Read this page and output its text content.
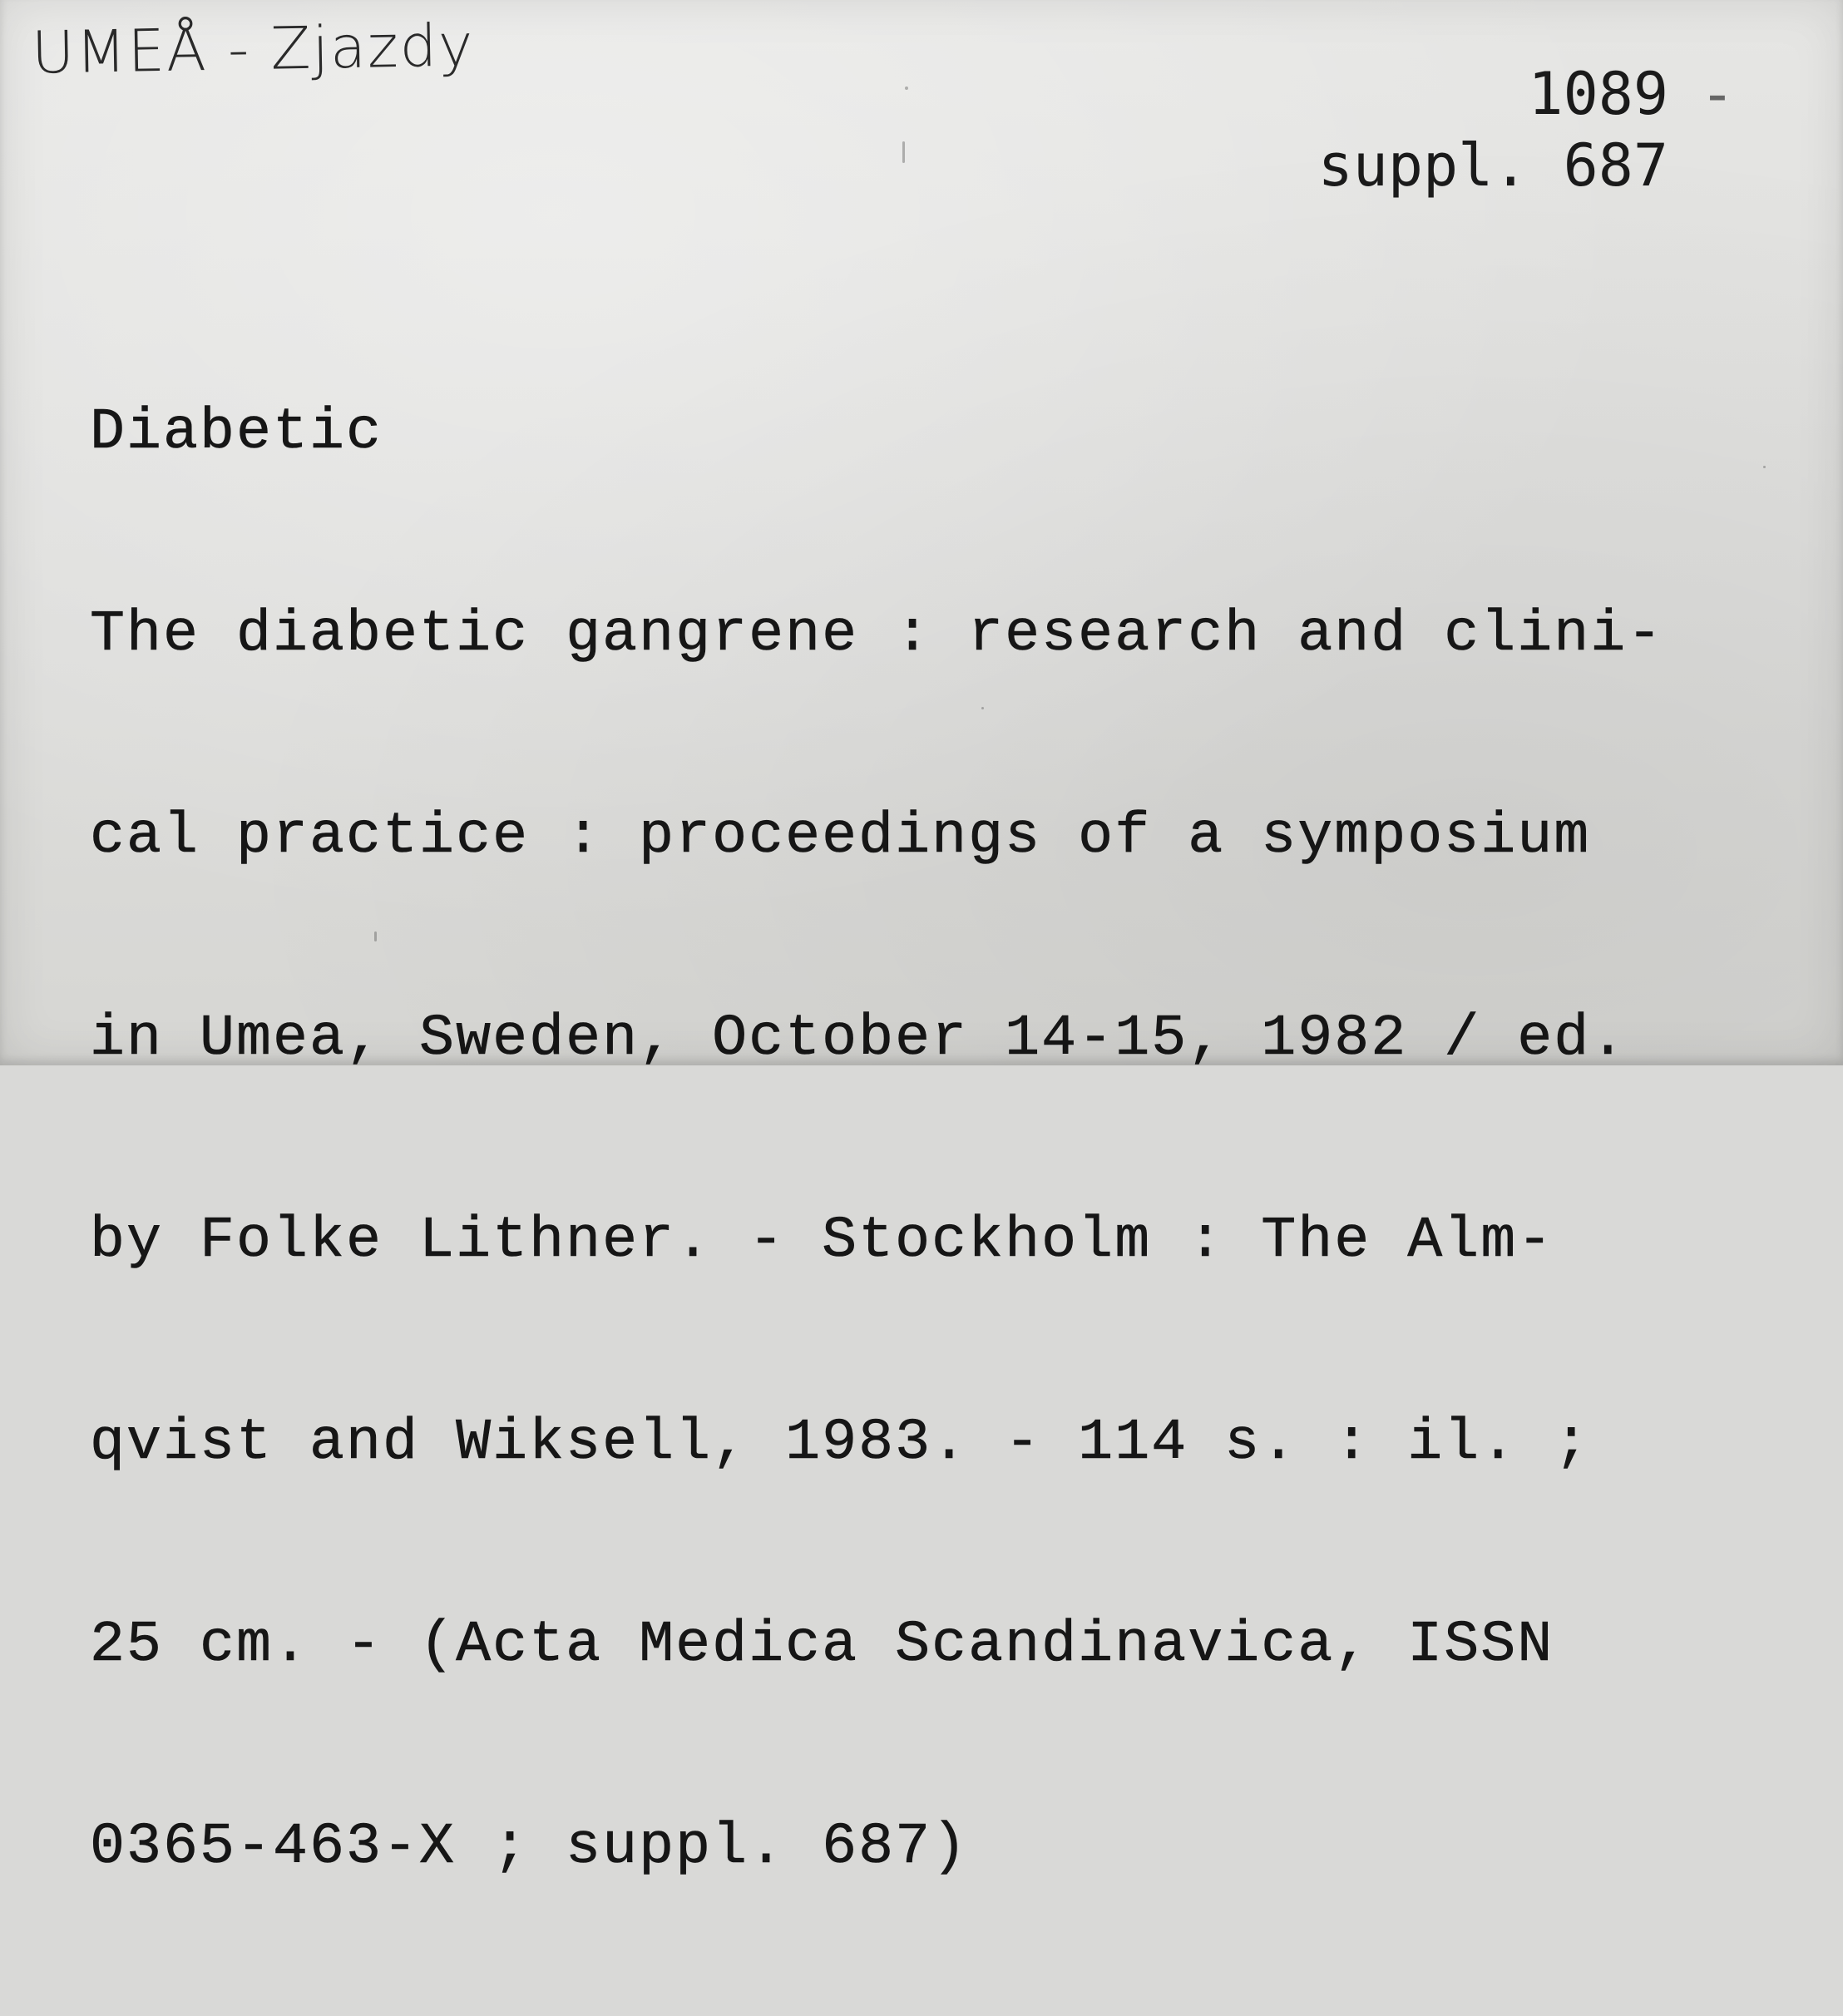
UMEÅ - Zjazdy
1089 -

suppl. 687

Diabetic

The diabetic gangrene : research and clini-

cal practice : proceedings of a symposium

in Umea, Sweden, October 14-15, 1982 / ed.

by Folke Lithner. - Stockholm : The Alm-

qvist and Wiksell, 1983. - 114 s. : il. ;

25 cm. - (Acta Medica Scandinavica, ISSN

0365-463-X ; suppl. 687)
